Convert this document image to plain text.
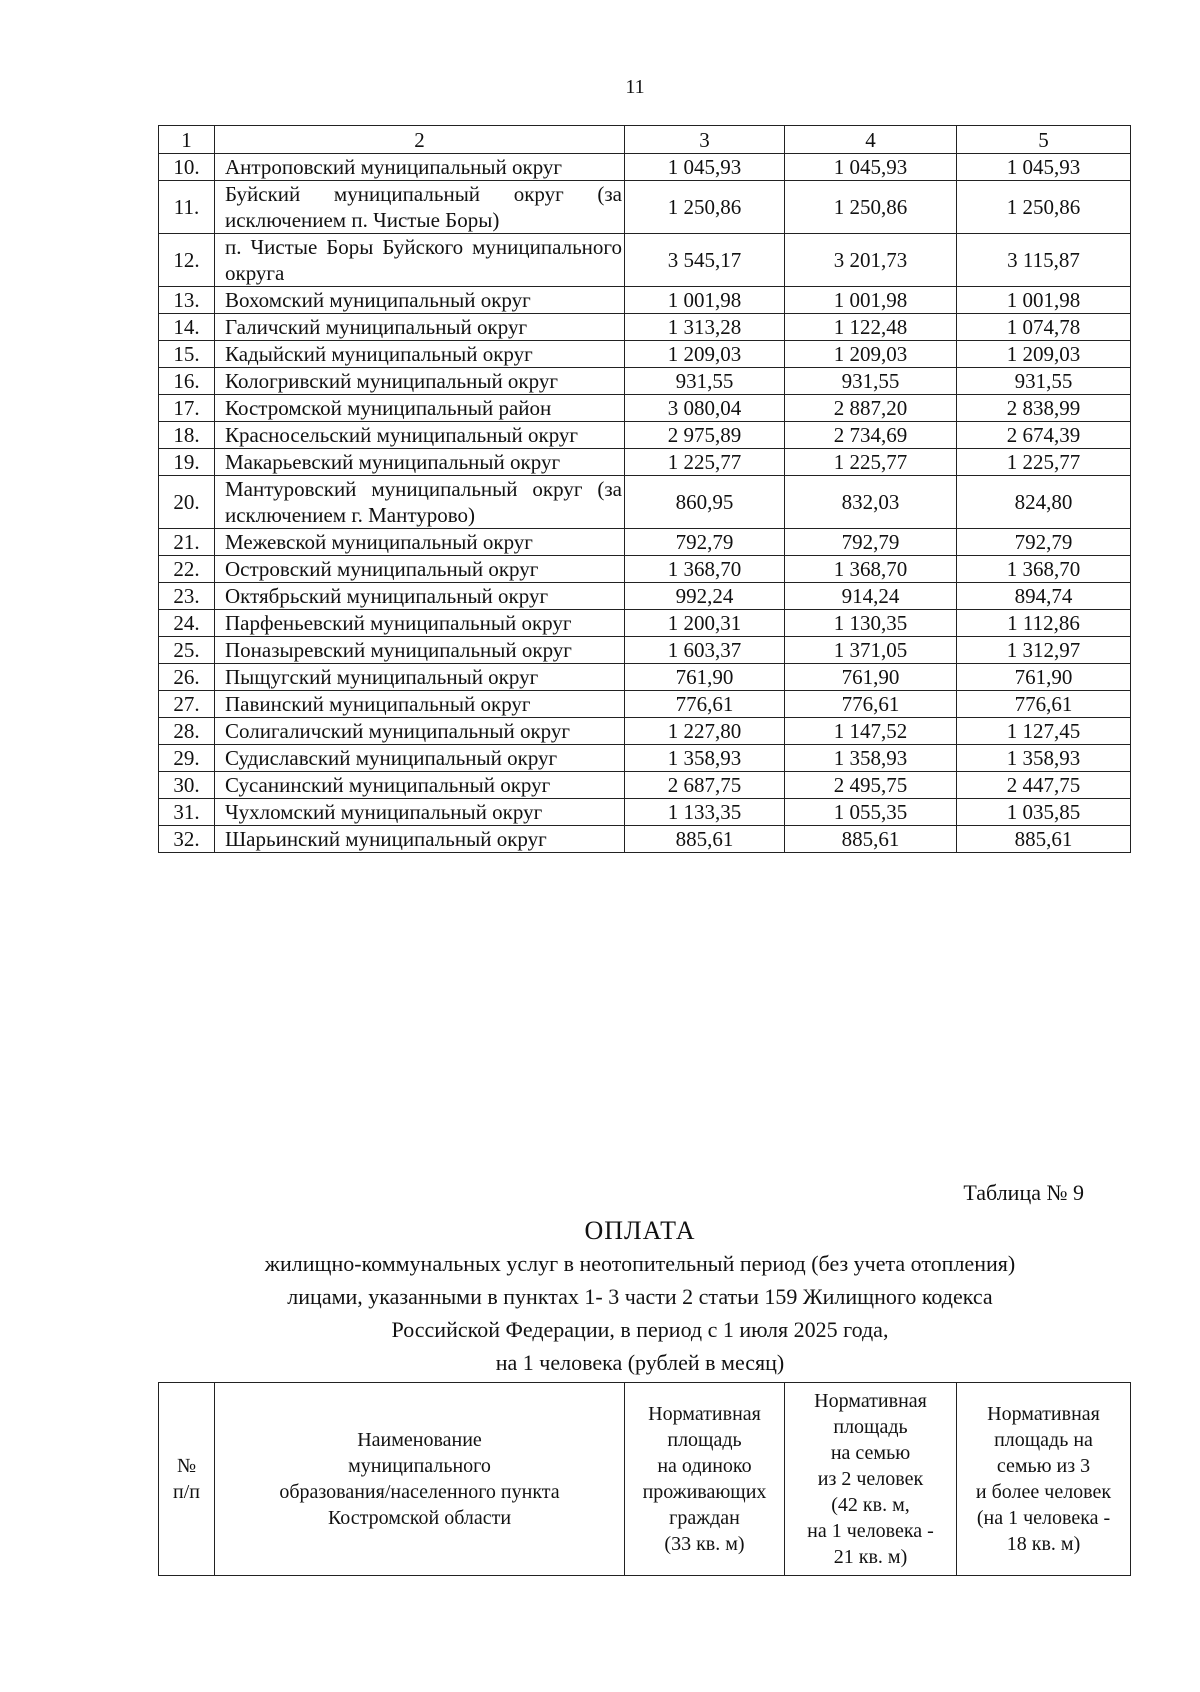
11
1	2	3	4	5
10.	Антроповский муниципальный округ	1 045,93	1 045,93	1 045,93
11.	Буйский муниципальный округ (за исключением п. Чистые Боры)	1 250,86	1 250,86	1 250,86
12.	п. Чистые Боры Буйского муниципального округа	3 545,17	3 201,73	3 115,87
13.	Вохомский муниципальный округ	1 001,98	1 001,98	1 001,98
14.	Галичский муниципальный округ	1 313,28	1 122,48	1 074,78
15.	Кадыйский муниципальный округ	1 209,03	1 209,03	1 209,03
16.	Кологривский муниципальный округ	931,55	931,55	931,55
17.	Костромской муниципальный район	3 080,04	2 887,20	2 838,99
18.	Красносельский муниципальный округ	2 975,89	2 734,69	2 674,39
19.	Макарьевский муниципальный округ	1 225,77	1 225,77	1 225,77
20.	Мантуровский муниципальный округ (за исключением г. Мантурово)	860,95	832,03	824,80
21.	Межевской муниципальный округ	792,79	792,79	792,79
22.	Островский муниципальный округ	1 368,70	1 368,70	1 368,70
23.	Октябрьский муниципальный округ	992,24	914,24	894,74
24.	Парфеньевский муниципальный округ	1 200,31	1 130,35	1 112,86
25.	Поназыревский муниципальный округ	1 603,37	1 371,05	1 312,97
26.	Пыщугский муниципальный округ	761,90	761,90	761,90
27.	Павинский муниципальный округ	776,61	776,61	776,61
28.	Солигаличский муниципальный округ	1 227,80	1 147,52	1 127,45
29.	Судиславский муниципальный округ	1 358,93	1 358,93	1 358,93
30.	Сусанинский муниципальный округ	2 687,75	2 495,75	2 447,75
31.	Чухломский муниципальный округ	1 133,35	1 055,35	1 035,85
32.	Шарьинский муниципальный округ	885,61	885,61	885,61
Таблица № 9
ОПЛАТА
жилищно-коммунальных услуг в неотопительный период (без учета отопления)
лицами, указанными в пунктах 1- 3 части 2 статьи 159 Жилищного кодекса
Российской Федерации, в период с 1 июля 2025 года,
на 1 человека (рублей в месяц)
№
п/п

Наименование
муниципального
образования/населенного пункта
Костромской области

Нормативная
площадь
на одиноко
проживающих
граждан
(33 кв. м)

Нормативная
площадь
на семью
из 2 человек
(42 кв. м,
на 1 человека -
21 кв. м)

Нормативная
площадь на
семью из 3
и более человек
(на 1 человека -
18 кв. м)
